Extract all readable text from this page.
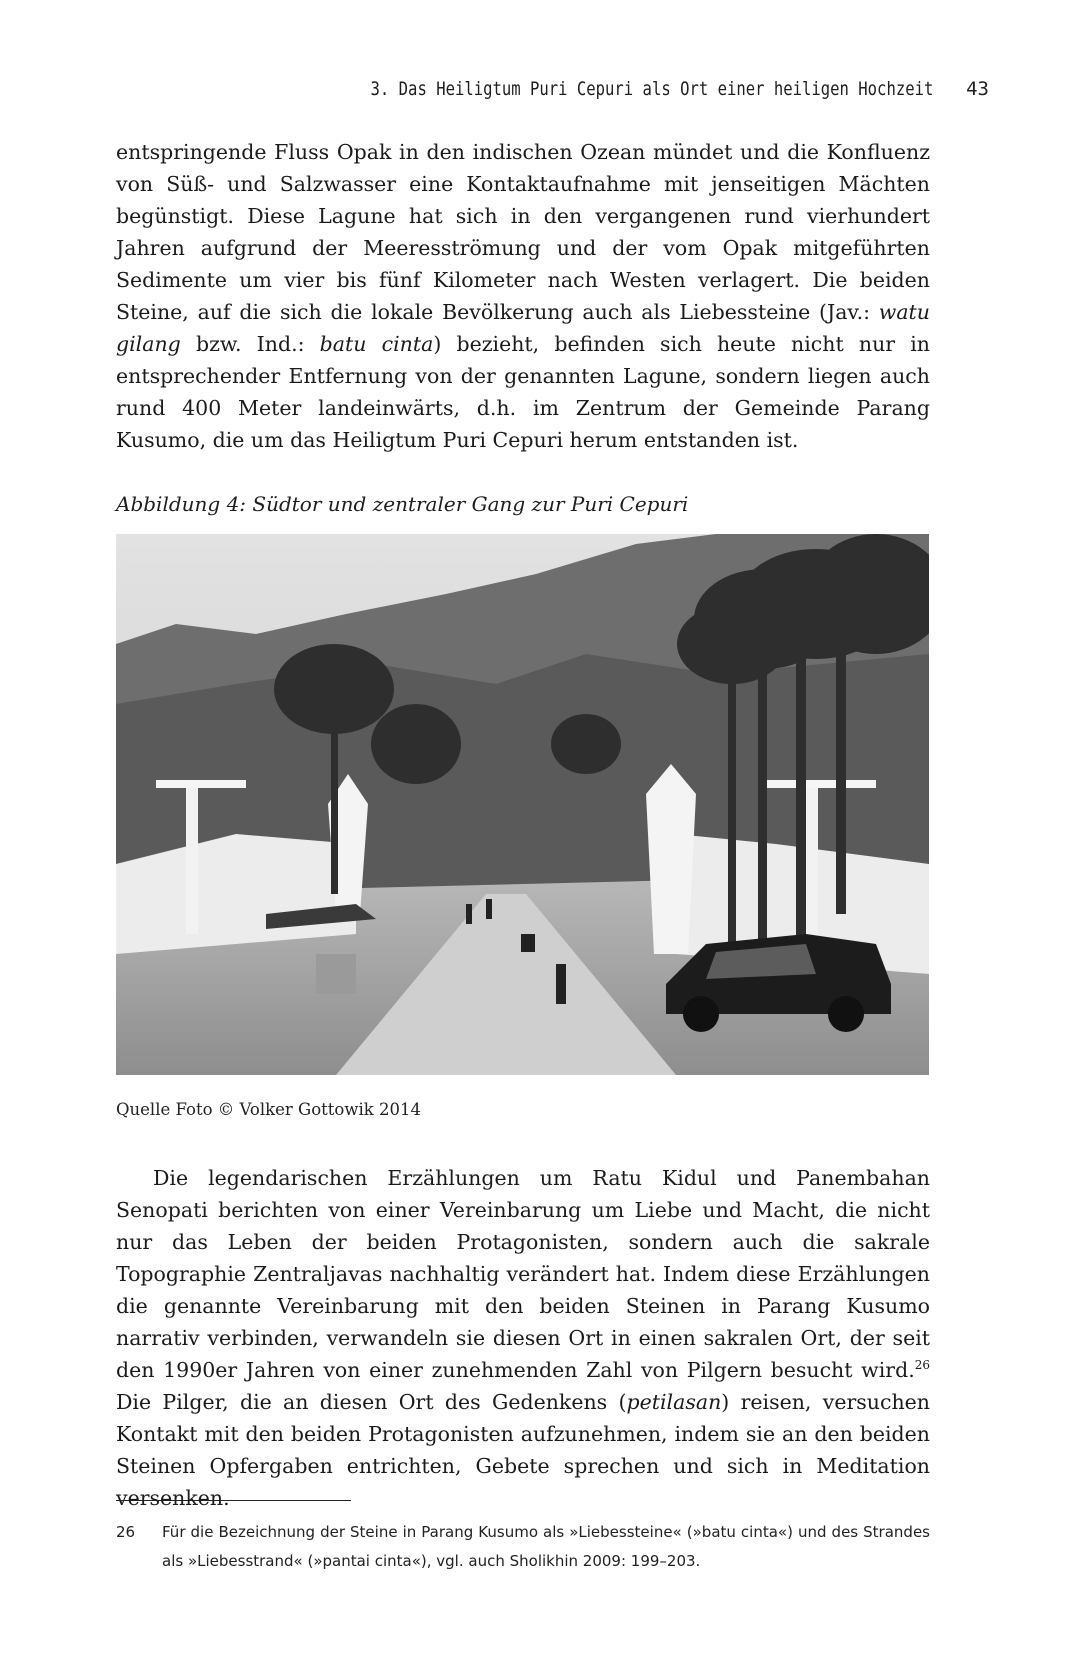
3. Das Heiligtum Puri Cepuri als Ort einer heiligen Hochzeit 43

entspringende Fluss Opak in den indischen Ozean mündet und die Konfluenz von Süß- und Salzwasser eine Kontaktaufnahme mit jenseitigen Mächten begünstigt. Diese Lagune hat sich in den vergangenen rund vierhundert Jahren aufgrund der Meeresströmung und der vom Opak mitgeführten Sedimente um vier bis fünf Kilometer nach Westen verlagert. Die beiden Steine, auf die sich die lokale Bevölkerung auch als Liebessteine (Jav.: watu gilang bzw. Ind.: batu cinta) bezieht, befinden sich heute nicht nur in entsprechender Entfernung von der genannten Lagune, sondern liegen auch rund 400 Meter landeinwärts, d.h. im Zentrum der Gemeinde Parang Kusumo, die um das Heiligtum Puri Cepuri herum entstanden ist.

Abbildung 4: Südtor und zentraler Gang zur Puri Cepuri
Quelle Foto © Volker Gottowik 2014

Die legendarischen Erzählungen um Ratu Kidul und Panembahan Senopati berichten von einer Vereinbarung um Liebe und Macht, die nicht nur das Leben der beiden Protagonisten, sondern auch die sakrale Topographie Zentraljavas nachhaltig verändert hat. Indem diese Erzählungen die genannte Vereinbarung mit den beiden Steinen in Parang Kusumo narrativ verbinden, verwandeln sie diesen Ort in einen sakralen Ort, der seit den 1990er Jahren von einer zunehmenden Zahl von Pilgern besucht wird.$^{26}$ Die Pilger, die an diesen Ort des Gedenkens (petilasan) reisen, versuchen Kontakt mit den beiden Protagonisten aufzunehmen, indem sie an den beiden Steinen Opfergaben entrichten, Gebete sprechen und sich in Meditation versenken.

26 Für die Bezeichnung der Steine in Parang Kusumo als »Liebessteine« (»batu cinta«) und des Strandes als »Liebesstrand« (»pantai cinta«), vgl. auch Sholikhin 2009: 199–203.
